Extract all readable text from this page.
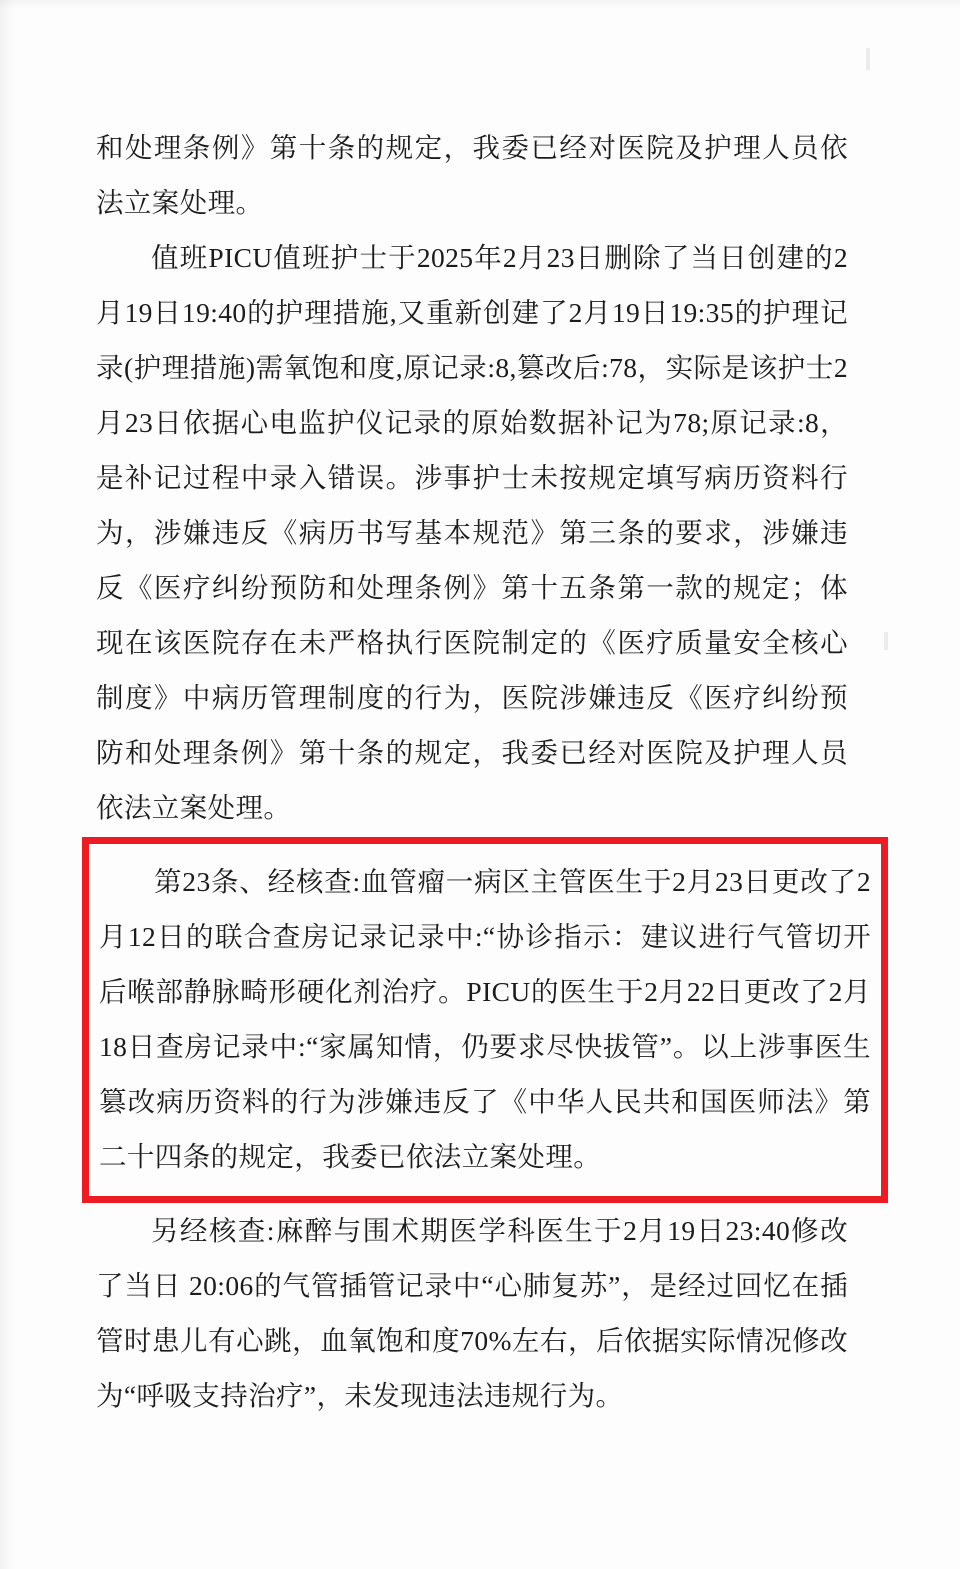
和处理条例》第十条的规定，我委已经对医院及护理人员依法立案处理。

值班PICU值班护士于2025年2月23日删除了当日创建的2月19日19:40的护理措施,又重新创建了2月19日19:35的护理记录(护理措施)需氧饱和度,原记录:8,篡改后:78，实际是该护士2月23日依据心电监护仪记录的原始数据补记为78;原记录:8，是补记过程中录入错误。涉事护士未按规定填写病历资料行为，涉嫌违反《病历书写基本规范》第三条的要求，涉嫌违反《医疗纠纷预防和处理条例》第十五条第一款的规定；体现在该医院存在未严格执行医院制定的《医疗质量安全核心制度》中病历管理制度的行为，医院涉嫌违反《医疗纠纷预防和处理条例》第十条的规定，我委已经对医院及护理人员依法立案处理。

第23条、经核查:血管瘤一病区主管医生于2月23日更改了2月12日的联合查房记录记录中:“协诊指示：建议进行气管切开后喉部静脉畸形硬化剂治疗。PICU的医生于2月22日更改了2月18日查房记录中:“家属知情，仍要求尽快拔管”。以上涉事医生篡改病历资料的行为涉嫌违反了《中华人民共和国医师法》第二十四条的规定，我委已依法立案处理。

另经核查:麻醉与围术期医学科医生于2月19日23:40修改了当日 20:06的气管插管记录中“心肺复苏”，是经过回忆在插管时患儿有心跳，血氧饱和度70%左右，后依据实际情况修改为“呼吸支持治疗”，未发现违法违规行为。
